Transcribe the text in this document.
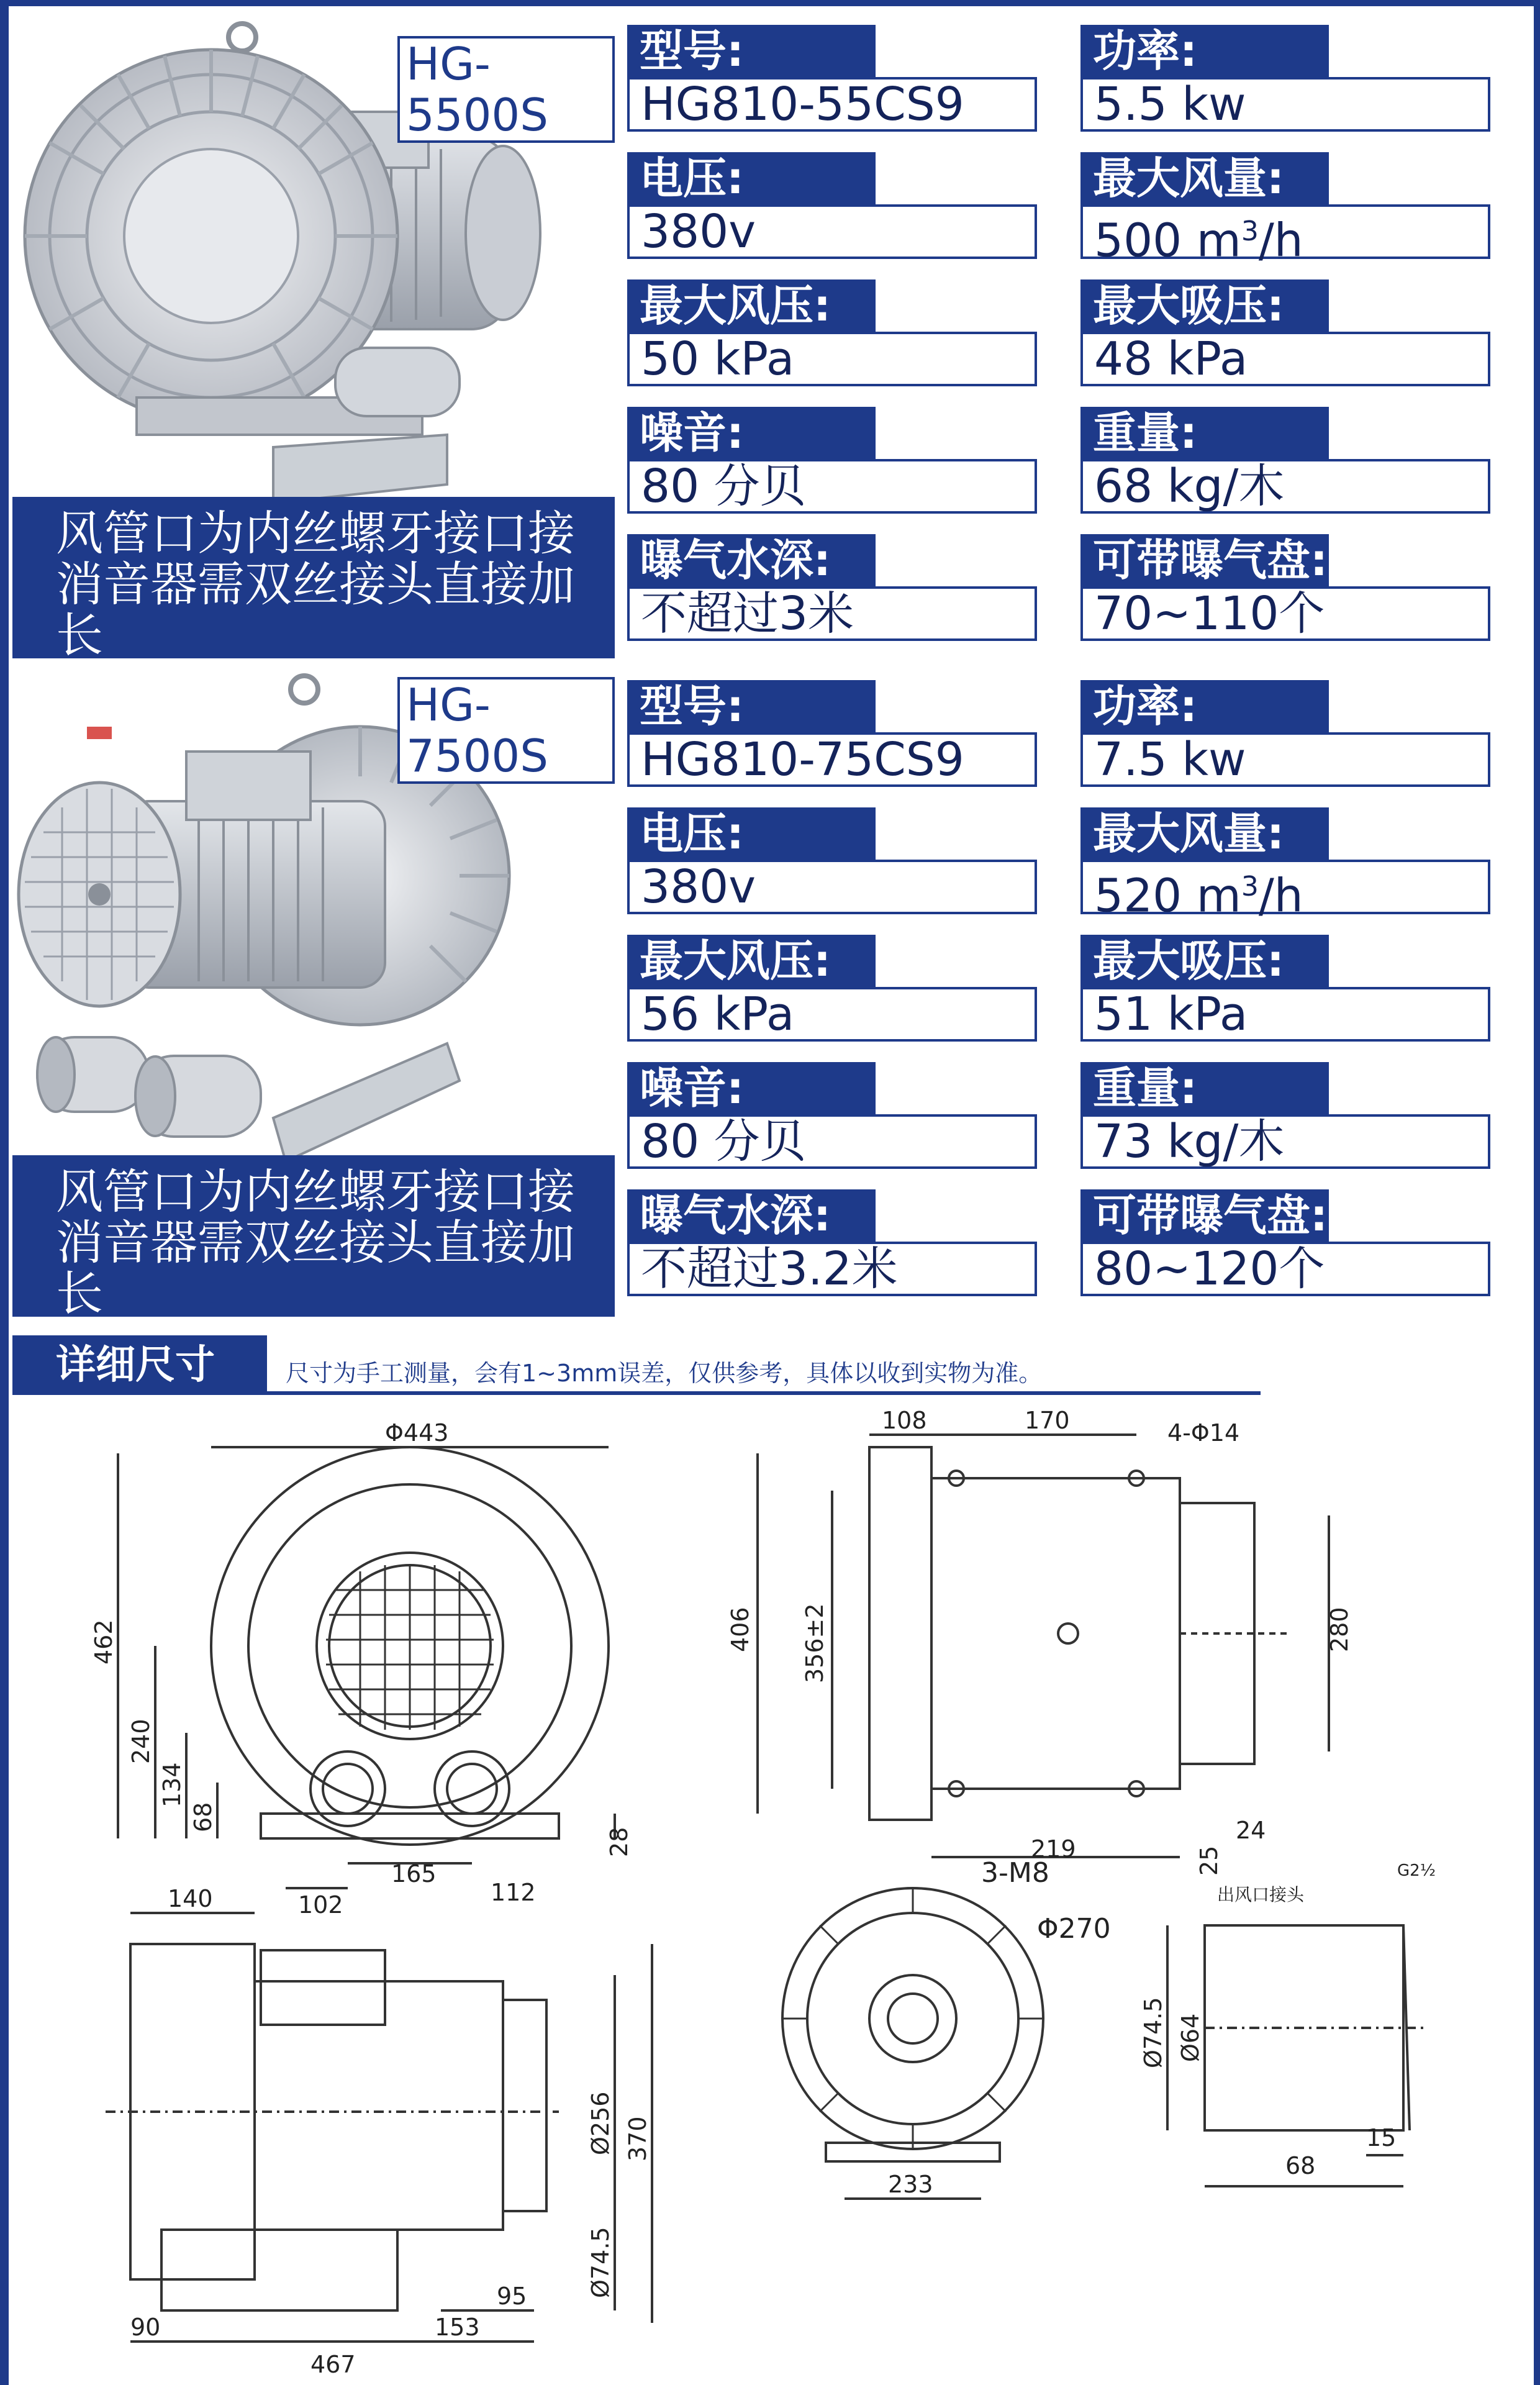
HG-5500S
风管口为内丝螺牙接口接消音器需双丝接头直接加长
型号:
HG810-55CS9
功率:
5.5 kw
电压:
380v
最大风量:
500 $m^3/h$
最大风压:
50 kPa
最大吸压:
48 kPa
噪音:
80 分贝
重量:
68 kg/木
曝气水深:
不超过3米
可带曝气盘:
70~110个
HG-7500S
风管口为内丝螺牙接口接消音器需双丝接头直接加长
型号:
HG810-75CS9
功率:
7.5 kw
电压:
380v
最大风量:
520 $m^3/h$
最大风压:
56 kPa
最大吸压:
51 kPa
噪音:
80 分贝
重量:
73 kg/木
曝气水深:
不超过3.2米
可带曝气盘:
80~120个
详细尺寸	尺寸为手工测量，会有1~3mm误差，仅供参考，具体以收到实物为准。
Φ443
462
240
134
68
165
102	112
28
108	170	4-Φ14
406 356±2	280
219
24
25
140
Ø256 370
Ø74.5
90
95
153
467
3-M8
Φ270
233
出风口接头
G2½
Ø74.5 Ø64
68
15
